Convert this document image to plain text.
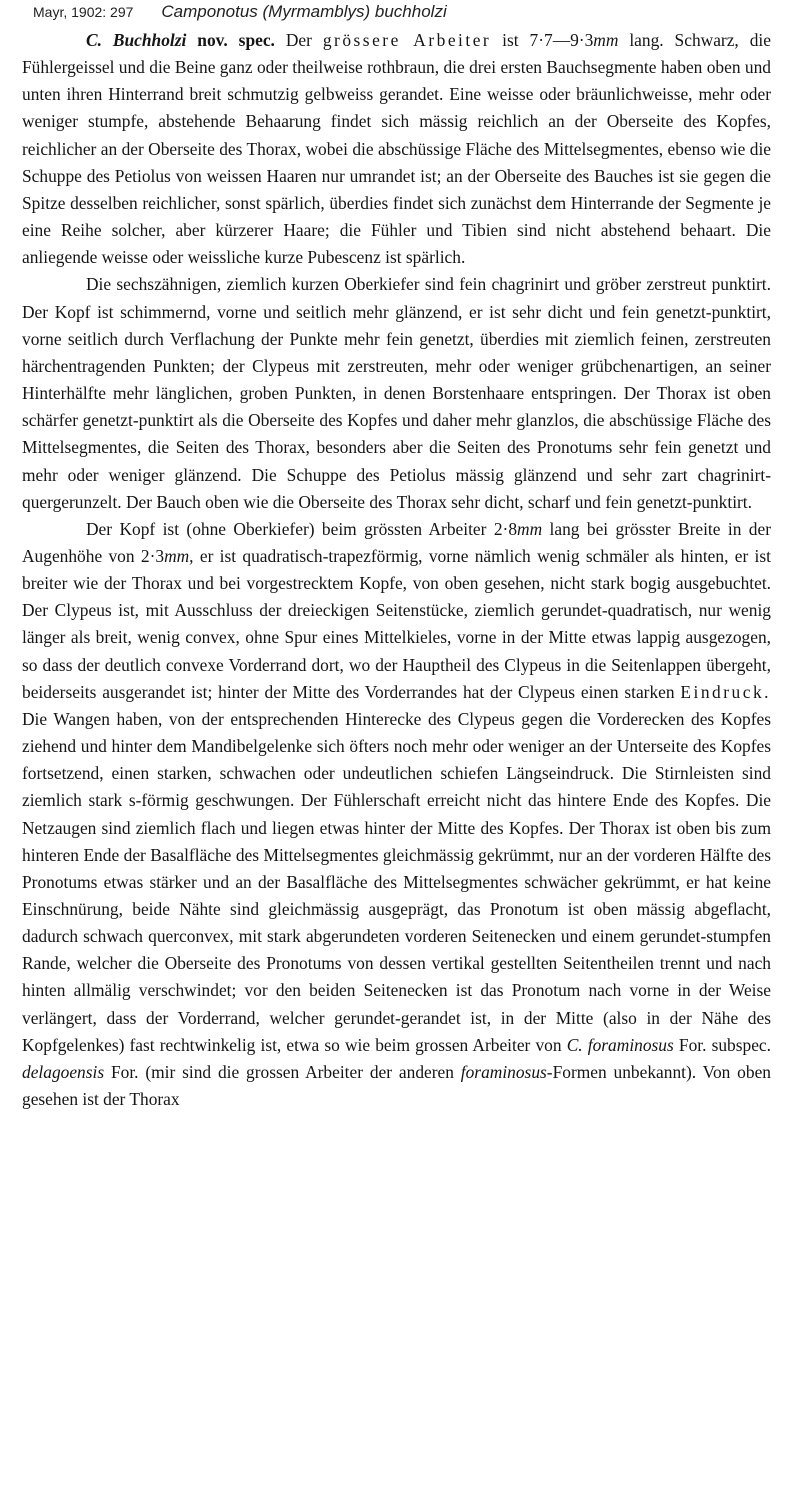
Mayr, 1902: 297 Camponotus (Myrmamblys) buchholzi

C. Buchholzi nov. spec. Der grössere Arbeiter ist 7·7—9·3mm lang. Schwarz, die Fühlergeissel und die Beine ganz oder theilweise rothbraun, die drei ersten Bauchsegmente haben oben und unten ihren Hinterrand breit schmutzig gelbweiss gerandet. Eine weisse oder bräunlichweisse, mehr oder weniger stumpfe, abstehende Behaarung findet sich mässig reichlich an der Oberseite des Kopfes, reichlicher an der Oberseite des Thorax, wobei die abschüssige Fläche des Mittelsegmentes, ebenso wie die Schuppe des Petiolus von weissen Haaren nur umrandet ist; an der Oberseite des Bauches ist sie gegen die Spitze desselben reichlicher, sonst spärlich, überdies findet sich zunächst dem Hinterrande der Segmente je eine Reihe solcher, aber kürzerer Haare; die Fühler und Tibien sind nicht abstehend behaart. Die anliegende weisse oder weissliche kurze Pubescenz ist spärlich.

Die sechszähnigen, ziemlich kurzen Oberkiefer sind fein chagrinirt und gröber zerstreut punktirt. Der Kopf ist schimmernd, vorne und seitlich mehr glänzend, er ist sehr dicht und fein genetzt-punktirt, vorne seitlich durch Verflachung der Punkte mehr fein genetzt, überdies mit ziemlich feinen, zerstreuten härchentragenden Punkten; der Clypeus mit zerstreuten, mehr oder weniger grübchenartigen, an seiner Hinterhälfte mehr länglichen, groben Punkten, in denen Borstenhaare entspringen. Der Thorax ist oben schärfer genetzt-punktirt als die Oberseite des Kopfes und daher mehr glanzlos, die abschüssige Fläche des Mittelsegmentes, die Seiten des Thorax, besonders aber die Seiten des Pronotums sehr fein genetzt und mehr oder weniger glänzend. Die Schuppe des Petiolus mässig glänzend und sehr zart chagrinirt-quergerunzelt. Der Bauch oben wie die Oberseite des Thorax sehr dicht, scharf und fein genetzt-punktirt.

Der Kopf ist (ohne Oberkiefer) beim grössten Arbeiter 2·8mm lang bei grösster Breite in der Augenhöhe von 2·3mm, er ist quadratisch-trapezförmig, vorne nämlich wenig schmäler als hinten, er ist breiter wie der Thorax und bei vorgestrecktem Kopfe, von oben gesehen, nicht stark bogig ausgebuchtet. Der Clypeus ist, mit Ausschluss der dreieckigen Seitenstücke, ziemlich gerundet-quadratisch, nur wenig länger als breit, wenig convex, ohne Spur eines Mittelkieles, vorne in der Mitte etwas lappig ausgezogen, so dass der deutlich convexe Vorderrand dort, wo der Hauptheil des Clypeus in die Seitenlappen übergeht, beiderseits ausgerandet ist; hinter der Mitte des Vorderrandes hat der Clypeus einen starken Eindruck. Die Wangen haben, von der entsprechenden Hinterecke des Clypeus gegen die Vorderecken des Kopfes ziehend und hinter dem Mandibelgelenke sich öfters noch mehr oder weniger an der Unterseite des Kopfes fortsetzend, einen starken, schwachen oder undeutlichen schiefen Längseindruck. Die Stirnleisten sind ziemlich stark s-förmig geschwungen. Der Fühlerschaft erreicht nicht das hintere Ende des Kopfes. Die Netzaugen sind ziemlich flach und liegen etwas hinter der Mitte des Kopfes. Der Thorax ist oben bis zum hinteren Ende der Basalfläche des Mittelsegmentes gleichmässig gekrümmt, nur an der vorderen Hälfte des Pronotums etwas stärker und an der Basalfläche des Mittelsegmentes schwächer gekrümmt, er hat keine Einschnürung, beide Nähte sind gleichmässig ausgeprägt, das Pronotum ist oben mässig abgeflacht, dadurch schwach querconvex, mit stark abgerundeten vorderen Seitenecken und einem gerundet-stumpfen Rande, welcher die Oberseite des Pronotums von dessen vertikal gestellten Seitentheilen trennt und nach hinten allmälig verschwindet; vor den beiden Seitenecken ist das Pronotum nach vorne in der Weise verlängert, dass der Vorderrand, welcher gerundet-gerandet ist, in der Mitte (also in der Nähe des Kopfgelenkes) fast rechtwinkelig ist, etwa so wie beim grossen Arbeiter von C. foraminosus For. subspec. delagoensis For. (mir sind die grossen Arbeiter der anderen foraminosus-Formen unbekannt). Von oben gesehen ist der Thorax
